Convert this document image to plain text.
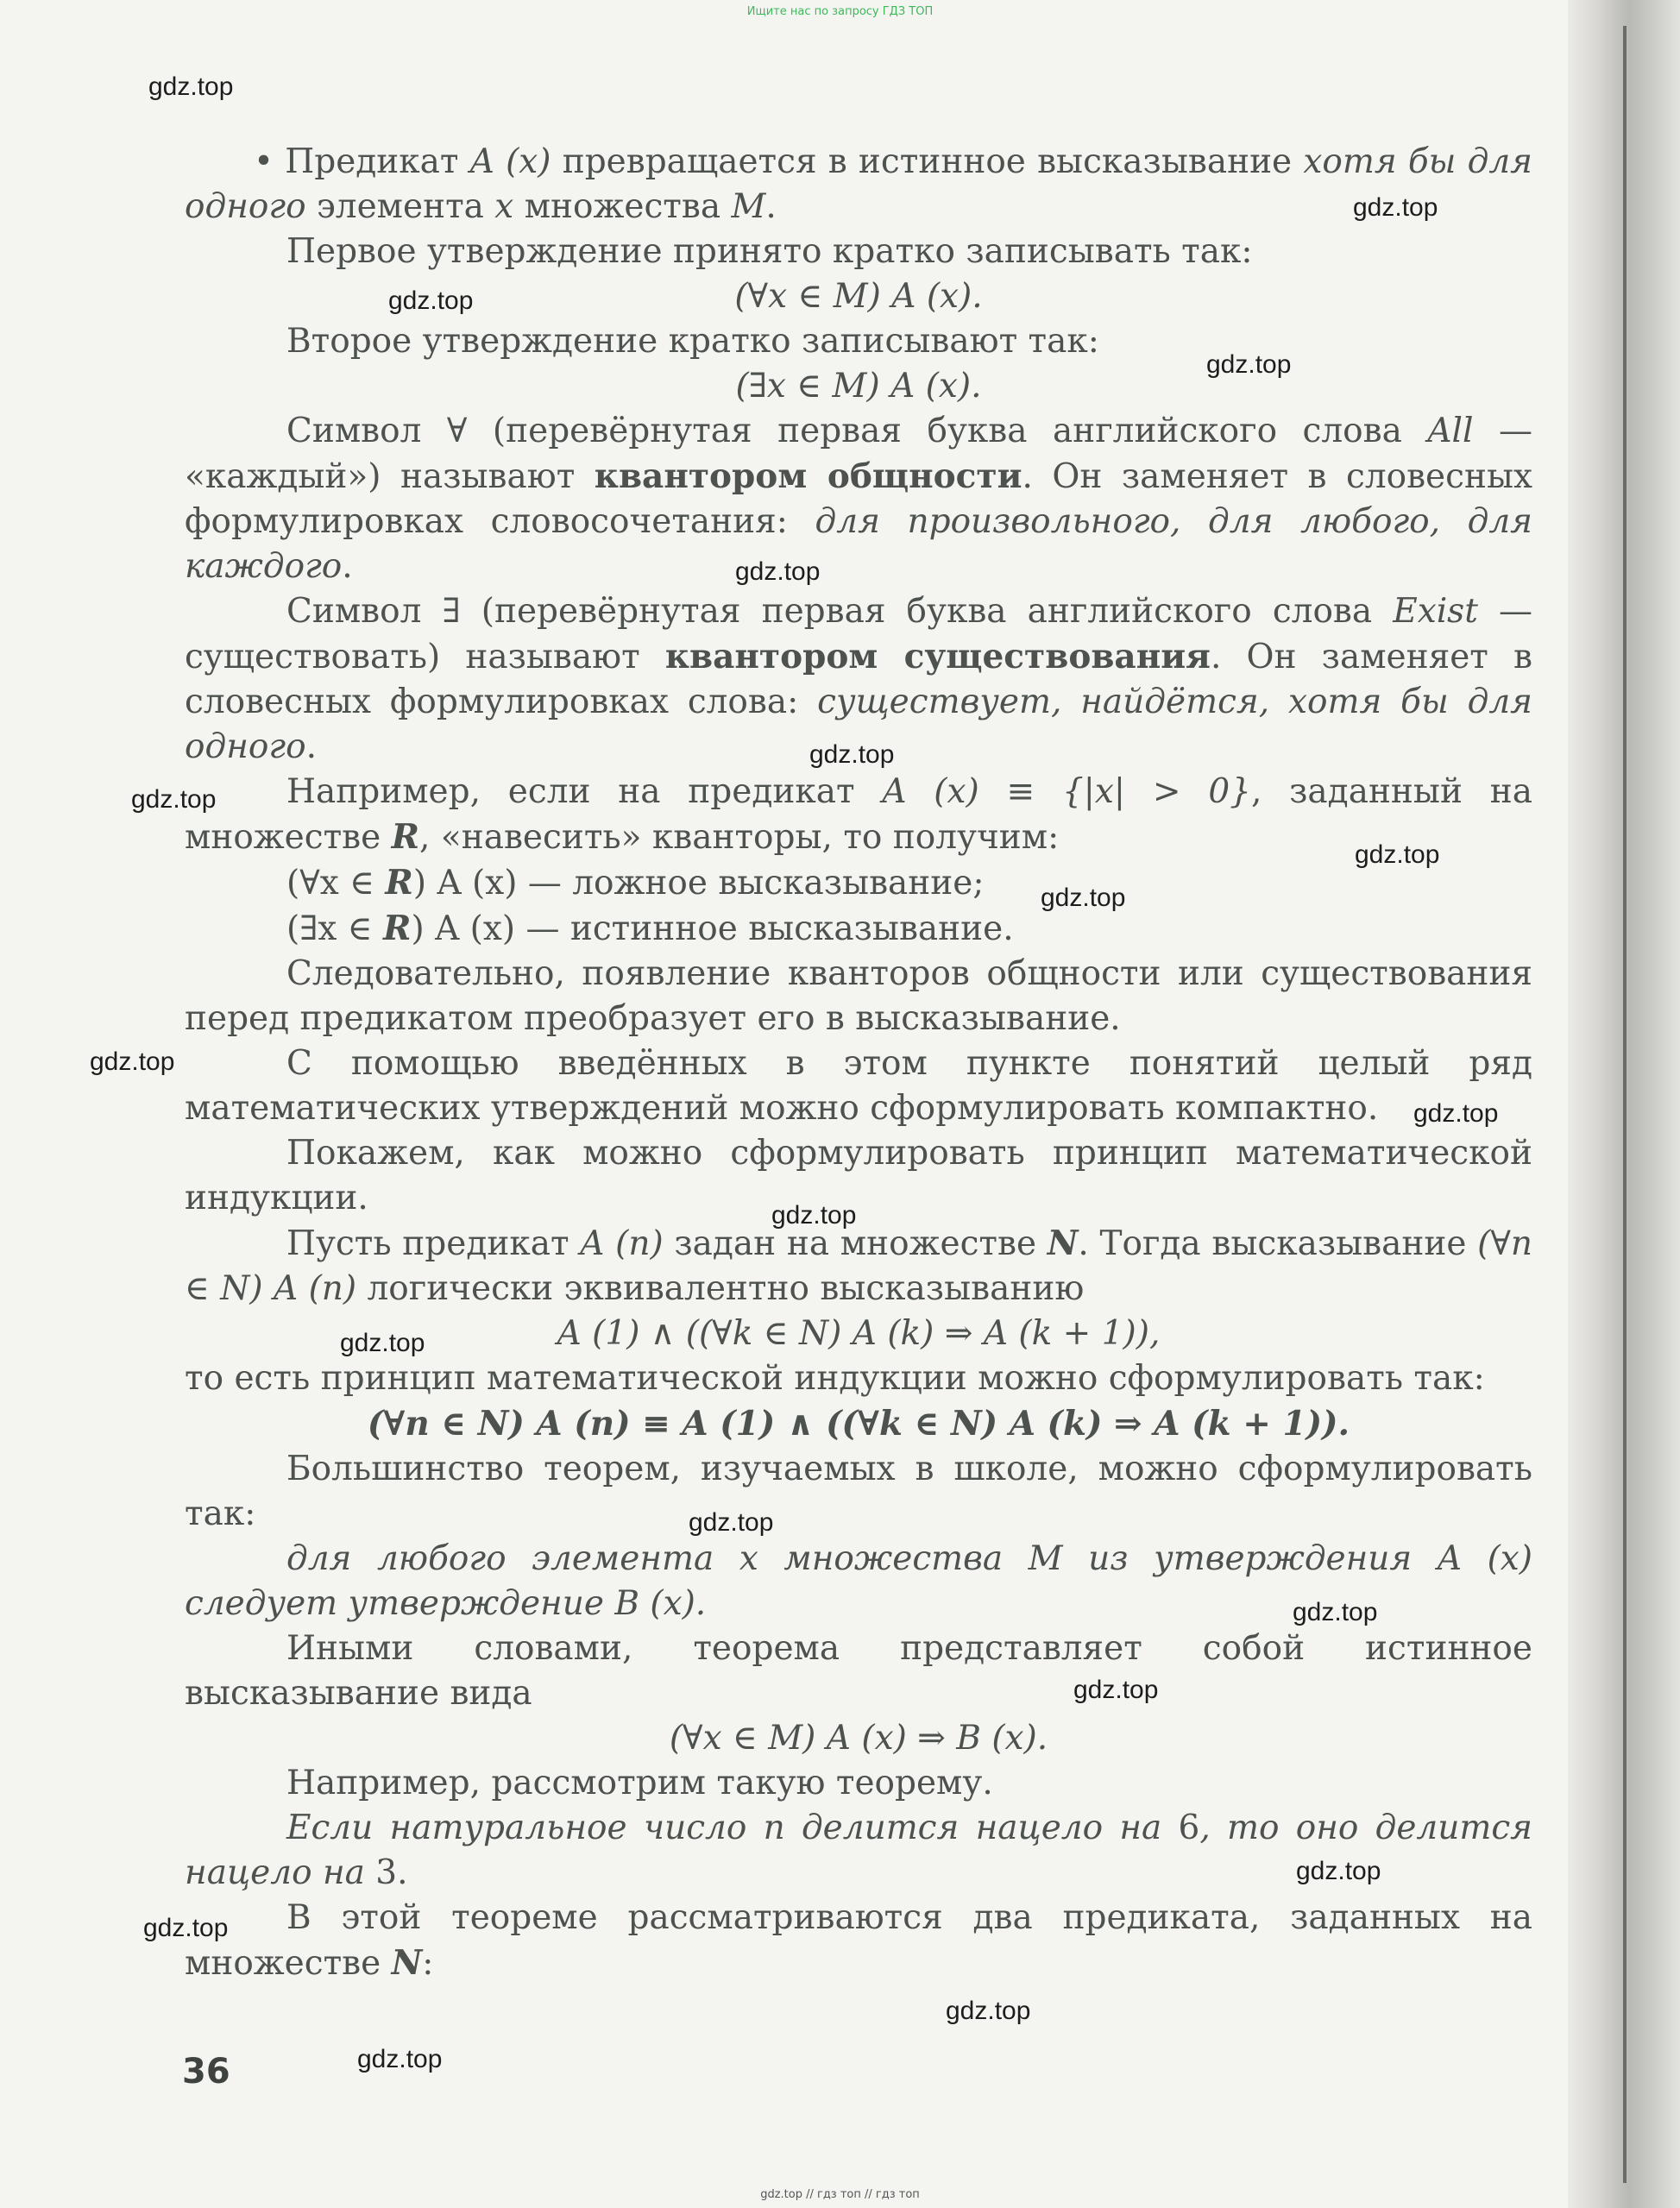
Ищите нас по запросу ГДЗ ТОП
gdz.top // гдз топ // гдз топ
gdz.top
gdz.top
gdz.top
gdz.top
gdz.top
gdz.top
gdz.top
gdz.top
gdz.top
gdz.top
gdz.top
gdz.top
gdz.top
gdz.top
gdz.top
gdz.top
gdz.top
gdz.top
gdz.top
gdz.top

• Предикат A (x) превращается в истинное высказывание хотя бы для одного элемента x множества M.

Первое утверждение принято кратко записывать так:

(∀x ∈ M) A (x).

Второе утверждение кратко записывают так:

(∃x ∈ M) A (x).

Символ ∀ (перевёрнутая первая буква английского слова All — «каждый») называют квантором общности. Он заменяет в словесных формулировках словосочетания: для произвольного, для любого, для каждого.

Символ ∃ (перевёрнутая первая буква английского слова Exist — существовать) называют квантором существования. Он заменяет в словесных формулировках слова: существует, найдётся, хотя бы для одного.

Например, если на предикат A (x) ≡ {|x| > 0}, заданный на множестве R, «навесить» кванторы, то получим:

(∀x ∈ R) A (x) — ложное высказывание;

(∃x ∈ R) A (x) — истинное высказывание.

Следовательно, появление кванторов общности или существования перед предикатом преобразует его в высказывание.

С помощью введённых в этом пункте понятий целый ряд математических утверждений можно сформулировать компактно.

Покажем, как можно сформулировать принцип математической индукции.

Пусть предикат A (n) задан на множестве N. Тогда высказывание (∀n ∈ N) A (n) логически эквивалентно высказыванию

A (1) ∧ ((∀k ∈ N) A (k) ⇒ A (k + 1)),

то есть принцип математической индукции можно сформулировать так:

(∀n ∈ N) A (n) ≡ A (1) ∧ ((∀k ∈ N) A (k) ⇒ A (k + 1)).

Большинство теорем, изучаемых в школе, можно сформулировать так:

для любого элемента x множества M из утверждения A (x) следует утверждение B (x).

Иными словами, теорема представляет собой истинное высказывание вида

(∀x ∈ M) A (x) ⇒ B (x).

Например, рассмотрим такую теорему.

Если натуральное число n делится нацело на 6, то оно делится нацело на 3.

В этой теореме рассматриваются два предиката, заданных на множестве N:

36
